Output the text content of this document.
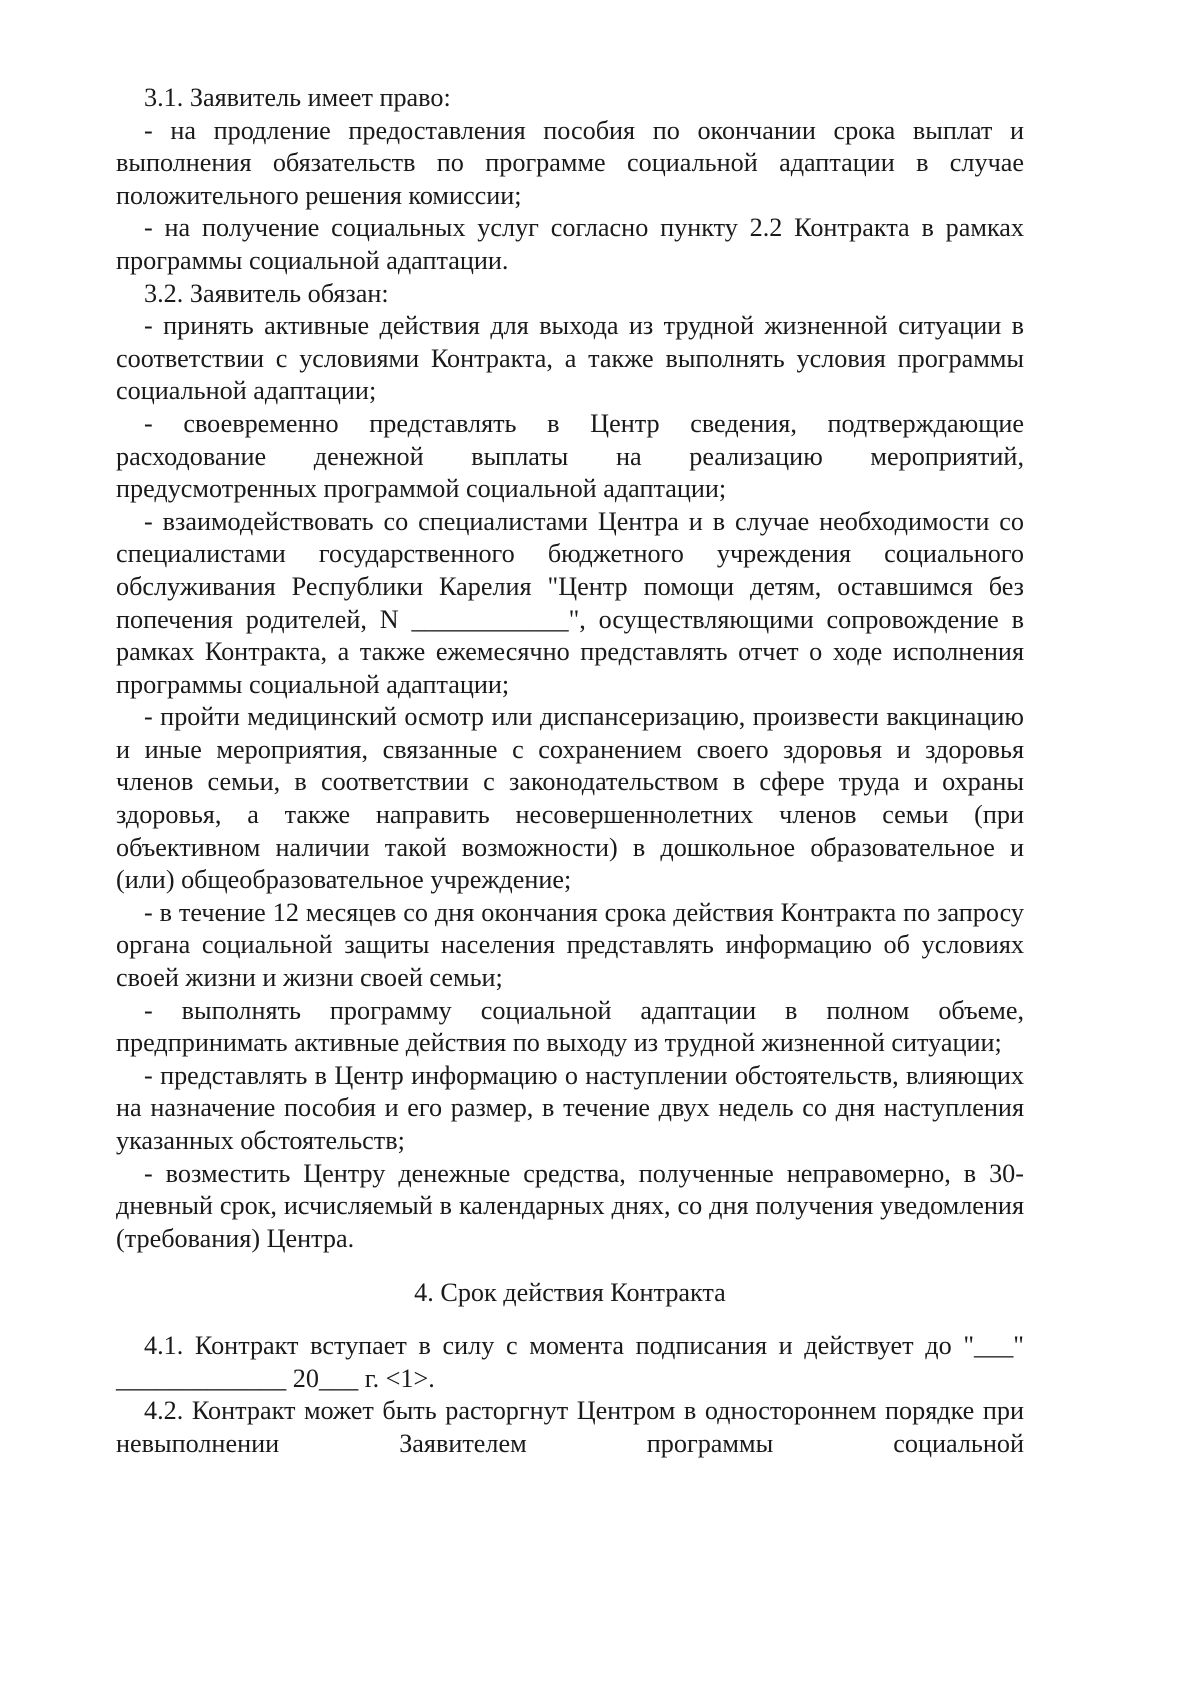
3.1. Заявитель имеет право:

- на продление предоставления пособия по окончании срока выплат и выполнения обязательств по программе социальной адаптации в случае положительного решения комиссии;

- на получение социальных услуг согласно пункту 2.2 Контракта в рамках программы социальной адаптации.

3.2. Заявитель обязан:

- принять активные действия для выхода из трудной жизненной ситуации в соответствии с условиями Контракта, а также выполнять условия программы социальной адаптации;

- своевременно представлять в Центр сведения, подтверждающие расходование денежной выплаты на реализацию мероприятий, предусмотренных программой социальной адаптации;

- взаимодействовать со специалистами Центра и в случае необходимости со специалистами государственного бюджетного учреждения социального обслуживания Республики Карелия "Центр помощи детям, оставшимся без попечения родителей, N ____________", осуществляющими сопровождение в рамках Контракта, а также ежемесячно представлять отчет о ходе исполнения программы социальной адаптации;

- пройти медицинский осмотр или диспансеризацию, произвести вакцинацию и иные мероприятия, связанные с сохранением своего здоровья и здоровья членов семьи, в соответствии с законодательством в сфере труда и охраны здоровья, а также направить несовершеннолетних членов семьи (при объективном наличии такой возможности) в дошкольное образовательное и (или) общеобразовательное учреждение;

- в течение 12 месяцев со дня окончания срока действия Контракта по запросу органа социальной защиты населения представлять информацию об условиях своей жизни и жизни своей семьи;

- выполнять программу социальной адаптации в полном объеме, предпринимать активные действия по выходу из трудной жизненной ситуации;

- представлять в Центр информацию о наступлении обстоятельств, влияющих на назначение пособия и его размер, в течение двух недель со дня наступления указанных обстоятельств;

- возместить Центру денежные средства, полученные неправомерно, в 30-дневный срок, исчисляемый в календарных днях, со дня получения уведомления (требования) Центра.

4. Срок действия Контракта

4.1. Контракт вступает в силу с момента подписания и действует до "___" _____________ 20___ г. <1>.

4.2. Контракт может быть расторгнут Центром в одностороннем порядке при невыполнении Заявителем программы социальной
